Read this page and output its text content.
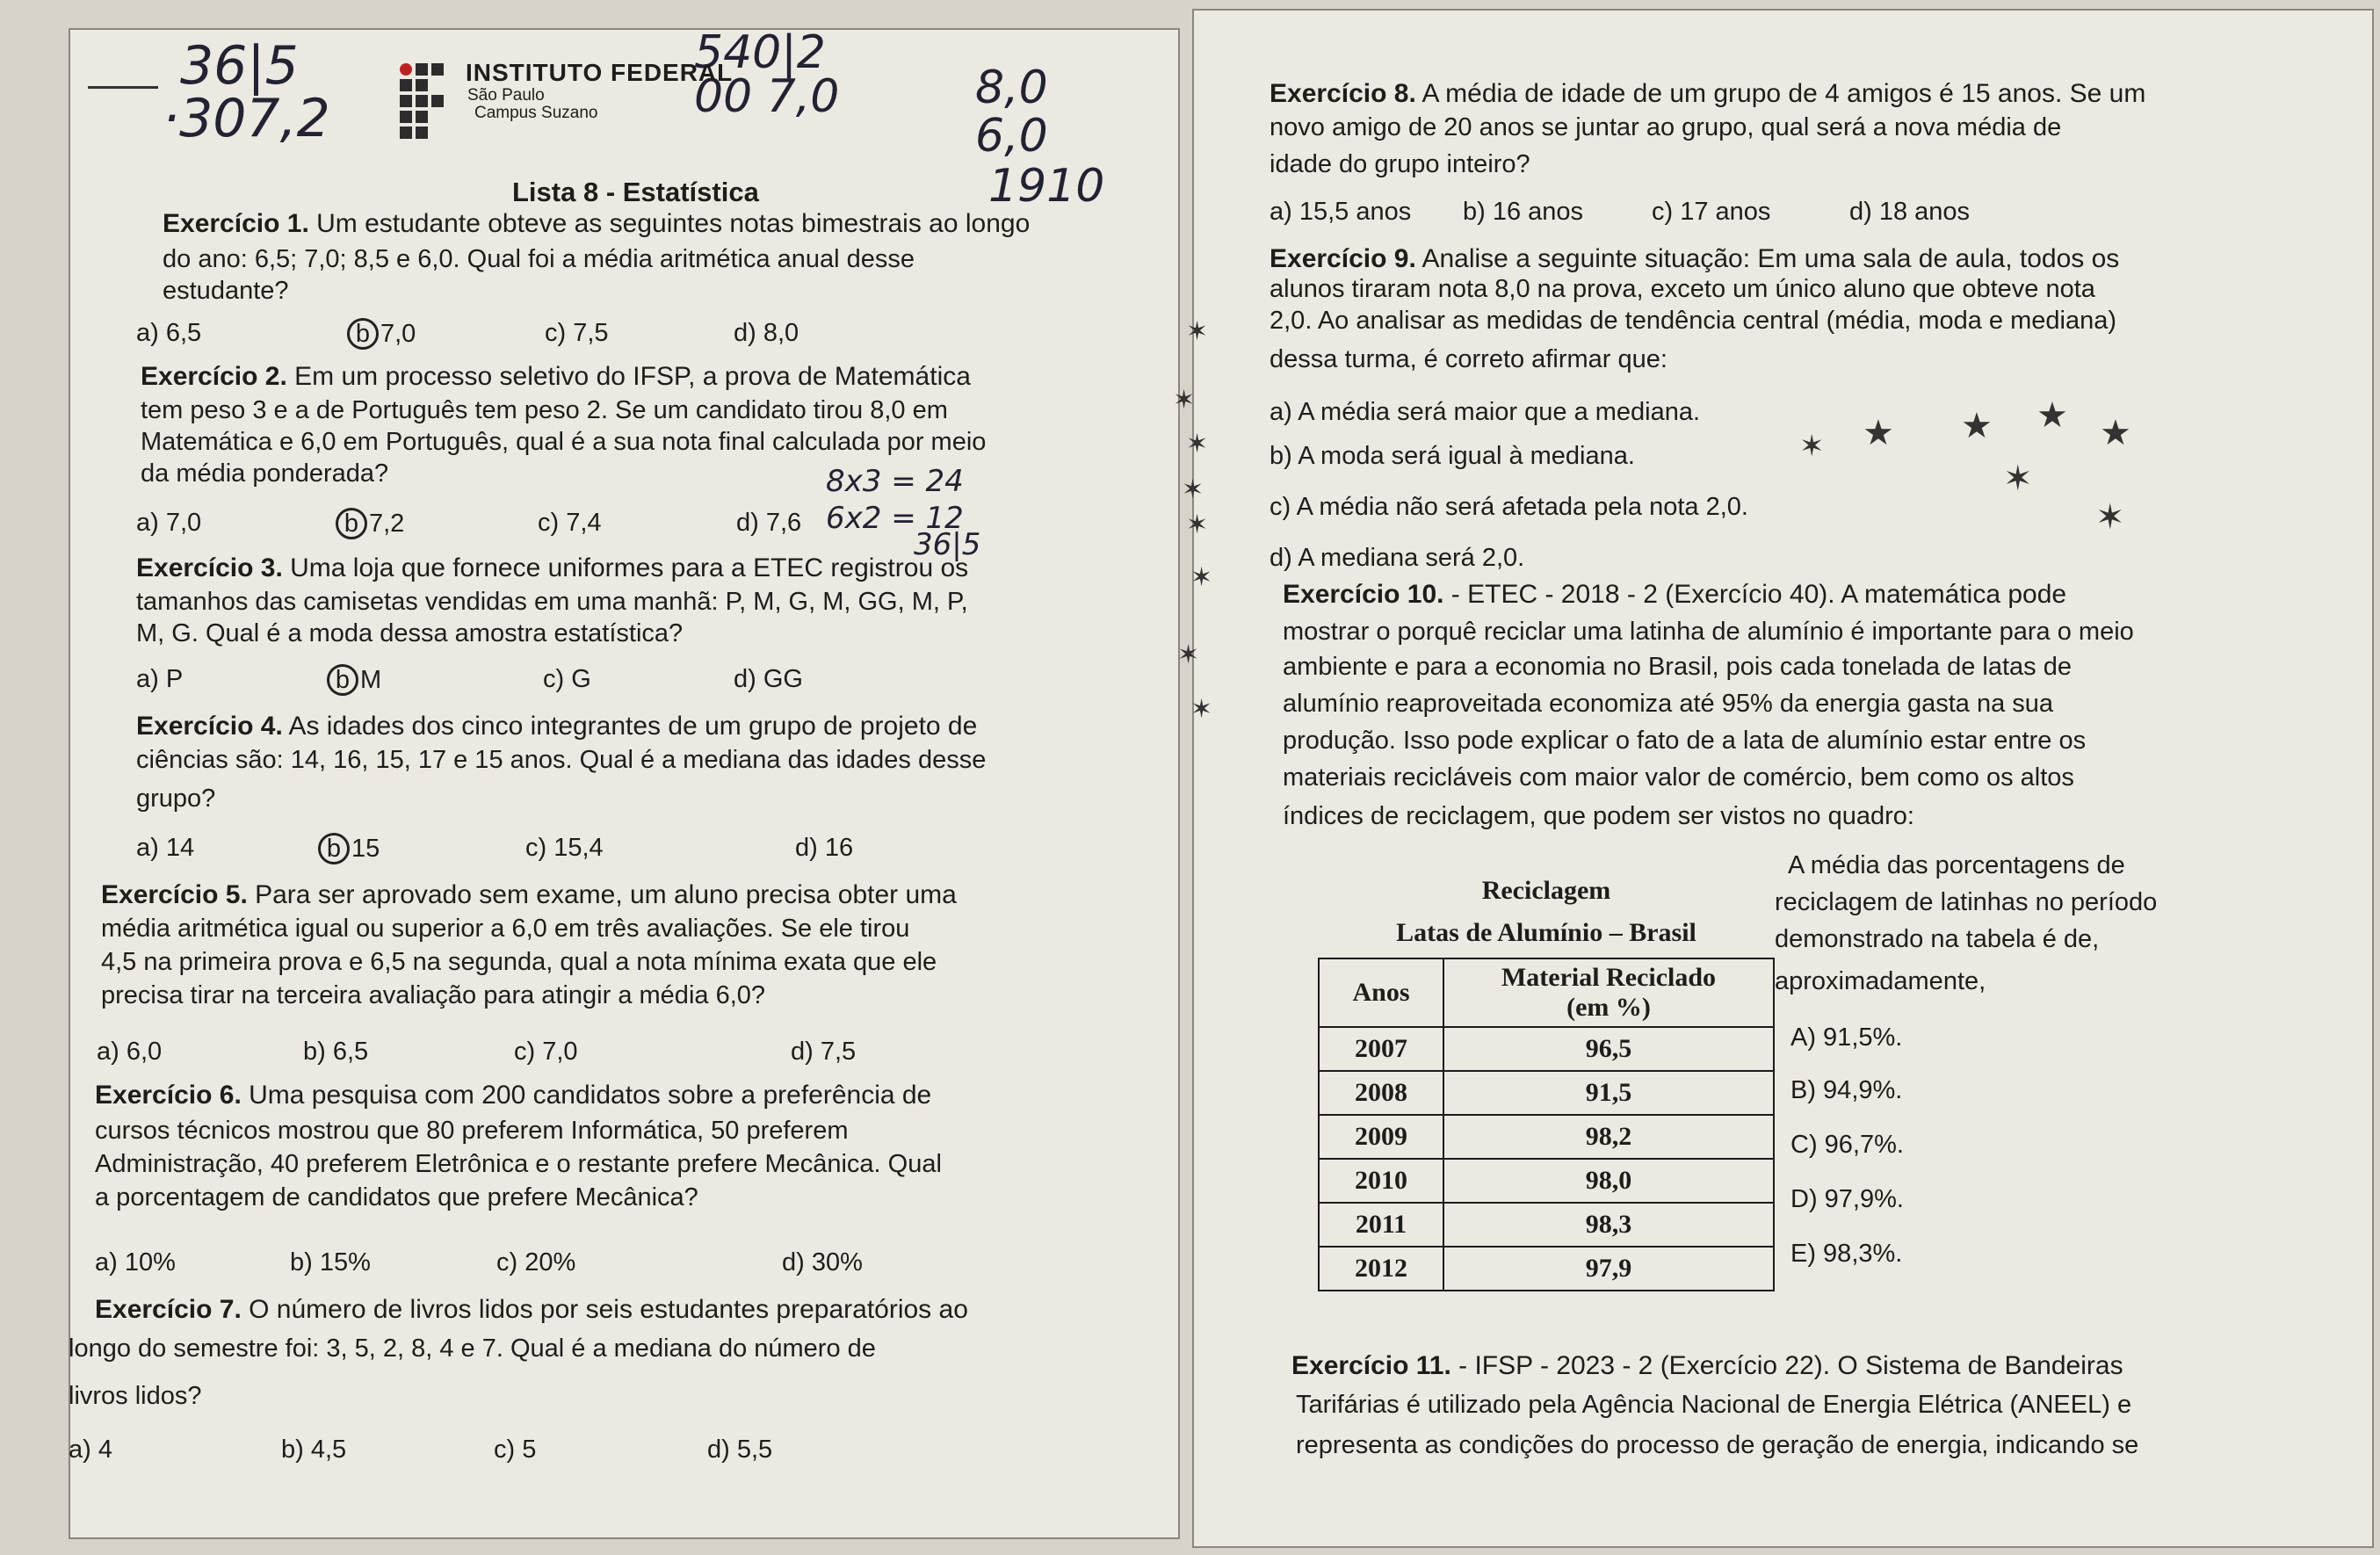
36|5
·307,2
540|2
00 7,0	8,0
6,0
1910
INSTITUTO FEDERAL
São Paulo
Campus Suzano
Lista 8 - Estatística
Exercício 1. Um estudante obteve as seguintes notas bimestrais ao longo
do ano: 6,5; 7,0; 8,5 e 6,0. Qual foi a média aritmética anual desse
estudante?
a) 6,5	b 7,0	c) 7,5	d) 8,0
Exercício 2. Em um processo seletivo do IFSP, a prova de Matemática
tem peso 3 e a de Português tem peso 2. Se um candidato tirou 8,0 em
Matemática e 6,0 em Português, qual é a sua nota final calculada por meio
da média ponderada?
a) 7,0	b 7,2	c) 7,4	d) 7,6
8x3 = 24
6x2 = 12
36|5
Exercício 3. Uma loja que fornece uniformes para a ETEC registrou os
tamanhos das camisetas vendidas em uma manhã: P, M, G, M, GG, M, P,
M, G. Qual é a moda dessa amostra estatística?
a) P	b M	c) G	d) GG
Exercício 4. As idades dos cinco integrantes de um grupo de projeto de
ciências são: 14, 16, 15, 17 e 15 anos. Qual é a mediana das idades desse
grupo?
a) 14	b 15	c) 15,4	d) 16
Exercício 5. Para ser aprovado sem exame, um aluno precisa obter uma
média aritmética igual ou superior a 6,0 em três avaliações. Se ele tirou
4,5 na primeira prova e 6,5 na segunda, qual a nota mínima exata que ele
precisa tirar na terceira avaliação para atingir a média 6,0?
a) 6,0	b) 6,5	c) 7,0	d) 7,5
Exercício 6. Uma pesquisa com 200 candidatos sobre a preferência de
cursos técnicos mostrou que 80 preferem Informática, 50 preferem
Administração, 40 preferem Eletrônica e o restante prefere Mecânica. Qual
a porcentagem de candidatos que prefere Mecânica?
a) 10%	b) 15%	c) 20%	d) 30%
Exercício 7. O número de livros lidos por seis estudantes preparatórios ao
longo do semestre foi: 3, 5, 2, 8, 4 e 7. Qual é a mediana do número de
livros lidos?
a) 4	b) 4,5	c) 5	d) 5,5
✶
✶
✶
✶
✶
✶
✶
✶
Exercício 8. A média de idade de um grupo de 4 amigos é 15 anos. Se um
novo amigo de 20 anos se juntar ao grupo, qual será a nova média de
idade do grupo inteiro?
a) 15,5 anos b) 16 anos	c) 17 anos	d) 18 anos
Exercício 9. Analise a seguinte situação: Em uma sala de aula, todos os
alunos tiraram nota 8,0 na prova, exceto um único aluno que obteve nota
2,0. Ao analisar as medidas de tendência central (média, moda e mediana)
dessa turma, é correto afirmar que:
a) A média será maior que a mediana.
b) A moda será igual à mediana.
c) A média não será afetada pela nota 2,0.
d) A mediana será 2,0.
✶ ★ ★ ★ ★
✶
✶
Exercício 10. - ETEC - 2018 - 2 (Exercício 40). A matemática pode
mostrar o porquê reciclar uma latinha de alumínio é importante para o meio
ambiente e para a economia no Brasil, pois cada tonelada de latas de
alumínio reaproveitada economiza até 95% da energia gasta na sua
produção. Isso pode explicar o fato de a lata de alumínio estar entre os
materiais recicláveis com maior valor de comércio, bem como os altos
índices de reciclagem, que podem ser vistos no quadro:
Reciclagem	
Latas de Alumínio – Brasil	
Anos	Material Reciclado
(em %)

2007	96,5
2008	91,5
2009	98,2
2010	98,0
2011	98,3
2012	97,9
A média das porcentagens de
reciclagem de latinhas no período
demonstrado na tabela é de,
aproximadamente,
A) 91,5%.
B) 94,9%.
C) 96,7%.
D) 97,9%.
E) 98,3%.
Exercício 11. - IFSP - 2023 - 2 (Exercício 22). O Sistema de Bandeiras
Tarifárias é utilizado pela Agência Nacional de Energia Elétrica (ANEEL) e
representa as condições do processo de geração de energia, indicando se
